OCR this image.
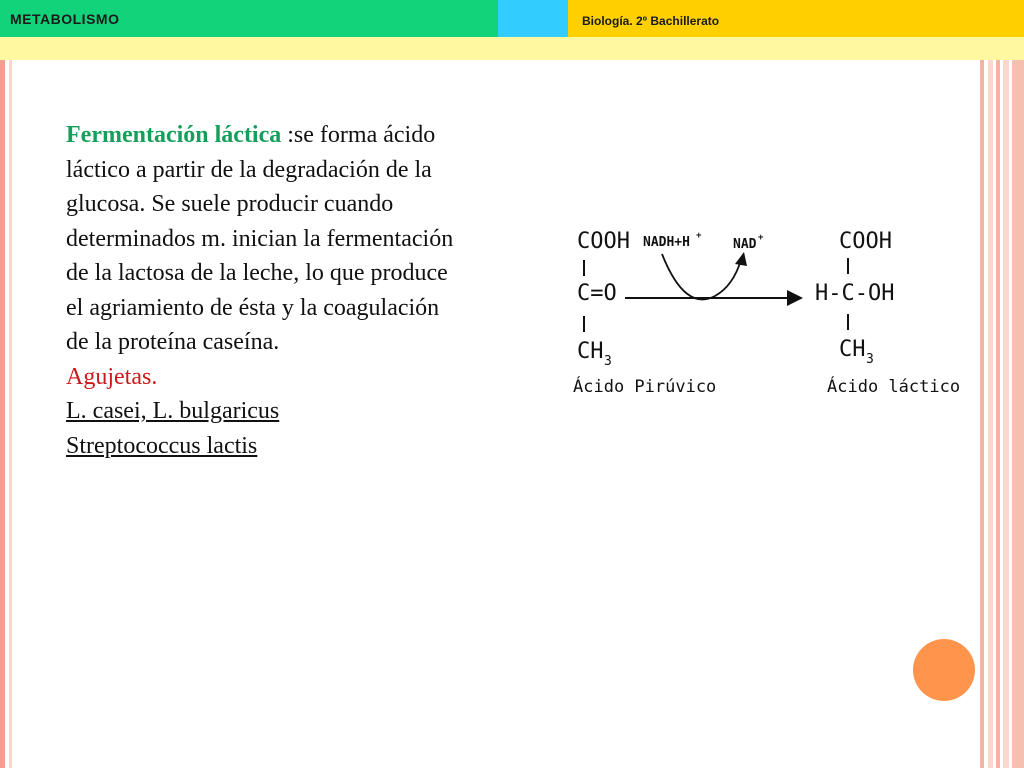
METABOLISMO	Biología. 2º Bachillerato

Fermentación láctica :se forma ácido láctico a partir de la degradación de la glucosa. Se suele producir cuando determinados m. inician la fermentación de la lactosa de la leche, lo que produce el agriamiento de ésta y la coagulación de la proteína caseína.

Agujetas.

L. casei, L. bulgaricus

Streptococcus lactis

COOH
C=O
CH 3
Ácido Pirúvico
NADH+H +
NAD +	COOH
H-C-OH
CH 3
Ácido láctico
